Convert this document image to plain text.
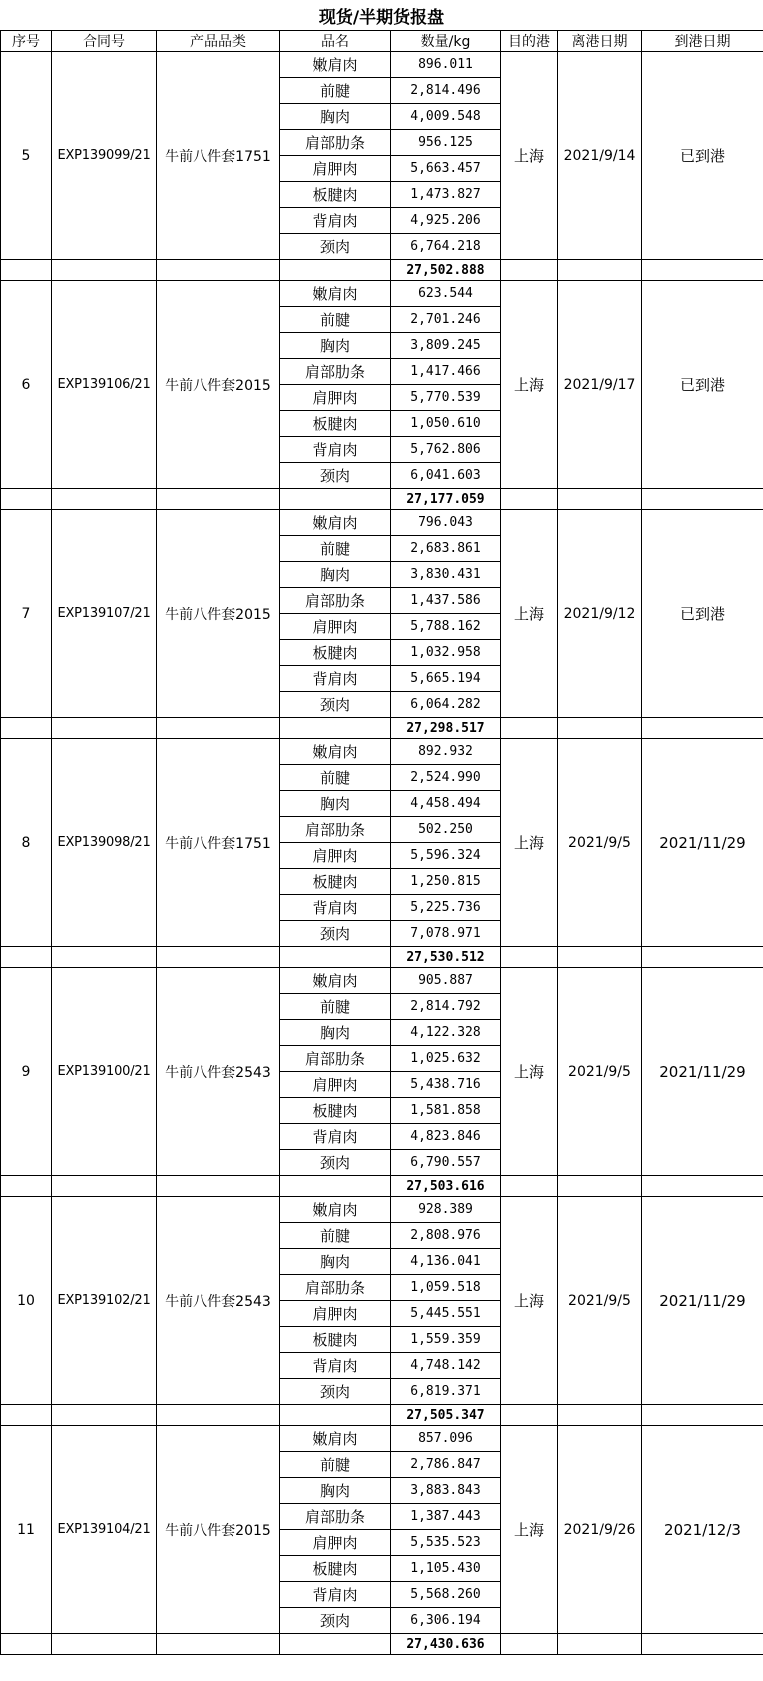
现货/半期货报盘
序号	合同号	产品品类	品名	数量/kg	目的港	离港日期	到港日期
5	EXP139099/21	牛前八件套1751	嫩肩肉	896.011	上海	2021/9/14	已到港
			前腱	2,814.496			
			胸肉	4,009.548			
			肩部肋条	956.125			
			肩胛肉	5,663.457			
			板腱肉	1,473.827			
			背肩肉	4,925.206			
			颈肉	6,764.218			
				27,502.888			
6	EXP139106/21	牛前八件套2015	嫩肩肉	623.544	上海	2021/9/17	已到港
			前腱	2,701.246			
			胸肉	3,809.245			
			肩部肋条	1,417.466			
			肩胛肉	5,770.539			
			板腱肉	1,050.610			
			背肩肉	5,762.806			
			颈肉	6,041.603			
				27,177.059			
7	EXP139107/21	牛前八件套2015	嫩肩肉	796.043	上海	2021/9/12	已到港
			前腱	2,683.861			
			胸肉	3,830.431			
			肩部肋条	1,437.586			
			肩胛肉	5,788.162			
			板腱肉	1,032.958			
			背肩肉	5,665.194			
			颈肉	6,064.282			
				27,298.517			
8	EXP139098/21	牛前八件套1751	嫩肩肉	892.932	上海	2021/9/5	2021/11/29
			前腱	2,524.990			
			胸肉	4,458.494			
			肩部肋条	502.250			
			肩胛肉	5,596.324			
			板腱肉	1,250.815			
			背肩肉	5,225.736			
			颈肉	7,078.971			
				27,530.512			
9	EXP139100/21	牛前八件套2543	嫩肩肉	905.887	上海	2021/9/5	2021/11/29
			前腱	2,814.792			
			胸肉	4,122.328			
			肩部肋条	1,025.632			
			肩胛肉	5,438.716			
			板腱肉	1,581.858			
			背肩肉	4,823.846			
			颈肉	6,790.557			
				27,503.616			
10	EXP139102/21	牛前八件套2543	嫩肩肉	928.389	上海	2021/9/5	2021/11/29
			前腱	2,808.976			
			胸肉	4,136.041			
			肩部肋条	1,059.518			
			肩胛肉	5,445.551			
			板腱肉	1,559.359			
			背肩肉	4,748.142			
			颈肉	6,819.371			
				27,505.347			
11	EXP139104/21	牛前八件套2015	嫩肩肉	857.096	上海	2021/9/26	2021/12/3
			前腱	2,786.847			
			胸肉	3,883.843			
			肩部肋条	1,387.443			
			肩胛肉	5,535.523			
			板腱肉	1,105.430			
			背肩肉	5,568.260			
			颈肉	6,306.194			
				27,430.636			
